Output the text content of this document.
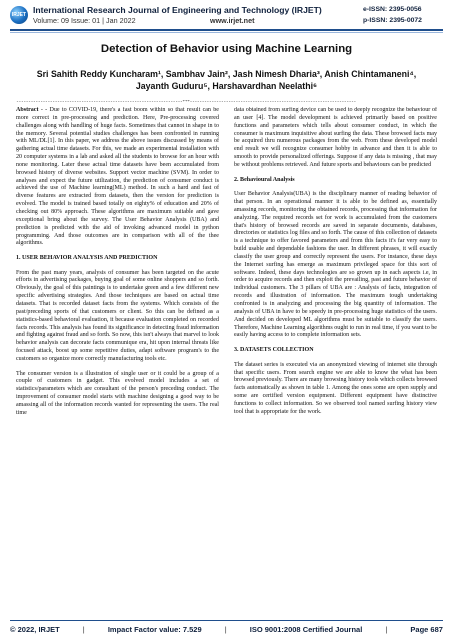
IRJET International Research Journal of Engineering and Technology (IRJET)
Volume: 09 Issue: 01 | Jan 2022	www.irjet.net
e-ISSN: 2395-0056
p-ISSN: 2395-0072
Detection of Behavior using Machine Learning
Sri Sahith Reddy Kuncharam¹, Sambhav Jain², Jash Nimesh Dharia³, Anish Chintamaneni⁴,
Jayanth Guduru⁵, Harshavardhan Neelathi⁶
---------------------------------------------------------------------***---------------------------------------------------------------------

Abstract - - Due to COVID-19, there's a fast boom within so that result can be more correct in pre-processing and prediction. Here, Pre-processing covered challenges along with handling of huge facts. Sometimes that cannot in shape in to the memory. Several potential studies challenges has been confronted in running with ML/DL[1]. In this paper, we address the above issues discussed by means of gathering actual time datasets. For this, we made an experimental installation with 20 computer systems in a lab and asked all the students to browse for an hour with none monitoring. Later these actual time datasets have been accumulated from browsed history of diverse websites. Support vector machine (SVM). In order to analyses and expect the future utilization, the prediction of consumer conduct is achieved the use of Machine learning(ML) method. In such a hard and fast of diverse features are extracted from datasets, then the version for prediction is evolved. The model is trained based totally on eighty% of education and 20% of checking out 80% approach. These algorithms are maximum suitable and gave exceptional bring about the survey. The User Behavior Analysis (UBA) and prediction is predicted with the aid of invoking advanced model in python programming. And those outcomes are in comparison with all of the thee algorithms.

1. USER BEHAVIOR ANALYSIS AND PREDICTION

From the past many years, analysis of consumer has been targeted on the acute efforts in advertising packages, buying goal of some online shoppers and so forth. Obviously, the goal of this paintings is to undertake green and a few different new specific advertising strategies. And those techniques are based on actual time datasets. That is recorded dataset facts from the systems. Which consists of the past/preceding sports of that customers or client. So this can be defined as a statistics-based behavioral evaluation, it because evaluation completed on recorded facts records. This analysis has found its significance in detecting fraud information and fighting against fraud and so forth. So now, this isn't always that marvel to look behavior analysis can decorate facts communique era, hit upon internal threats like focused attack, boost up some repetitive duties, adapt software program's to the customers so organize more correctly manufacturing tools etc.

The consumer version is a illustration of single user or it could be a group of a couple of customers in gadget. This evolved model includes a set of statistics/parameters which are consultant of the person's preceding conduct. The improvement of consumer model starts with machine designing a good way to be amassing all of the information records wanted for representing the users. The real time

data obtained from surfing device can be used to deeply recognize the behaviour of an user [4]. The model development is achieved primarily based on positive functions and parameters which tells about consumer conduct, in which the consumer is maximum inquisitive about surfing the data. These browsed facts may be acquired thru numerous packages from the web. From these developed model end result we will recognize consumer hobby in advance and then it is able to smooth to provide personalized offerings. Suppose if any data is missing , that may be without problems retrieved. And future sports and behaviours can be predicted

2. Behavioural Analysis

User Behavior Analysis(UBA) is the disciplinary manner of reading behavior of that person. In an operational manner it is able to be defined as, essentially amassing records, monitoring the obtained records, processing that information for analyzing. The required records set for work is accumulated from the customers that's history of browsed records are saved in separate documents, databases, directories or statistics log files and so forth. The cause of this collection of datasets is a technique to offer favored parameters and from this facts it's far very easy to build usable and dependable fashions the user. In different phrases, it will exactly classify the user group and correctly represent the users. For instance, these days the Internet surfing has emerge as maximum privileged space for this sort of software. Indeed, these days technologies are so grown up in each aspects i.e, in order to acquire records and then exploit the prevailing, past and future behavior of individual customers. The 3 pillars of UBA are : Analysis of facts, integration of records and illustration of information. The maximum tough undertaking confronted is in analyzing and processing the big quantity of information. The analysis of UBA in have to be speedy in pre-processing huge statistics of the users. And decided on developed ML algorithms must be suitable to classify the users. Therefore, Machine Learning algorithms ought to run in real time, if you want to be easily having access to to complete information sets.

3. DATASETS COLLECTION

The dataset series is executed via an anonymized viewing of internet site through that specific users. From search engine we are able to know the what has been browsed previously. There are many browsing history tools which collects browsed facts automatically as shown in table 1. Among the ones some are open supply and some are certified version equipment. Different equipment have distinctive functions to collect information. So we observed tool named surfing history view tool that is appropriate for the work.

© 2022, IRJET	|	Impact Factor value: 7.529	|	ISO 9001:2008 Certified Journal	|	Page 687
